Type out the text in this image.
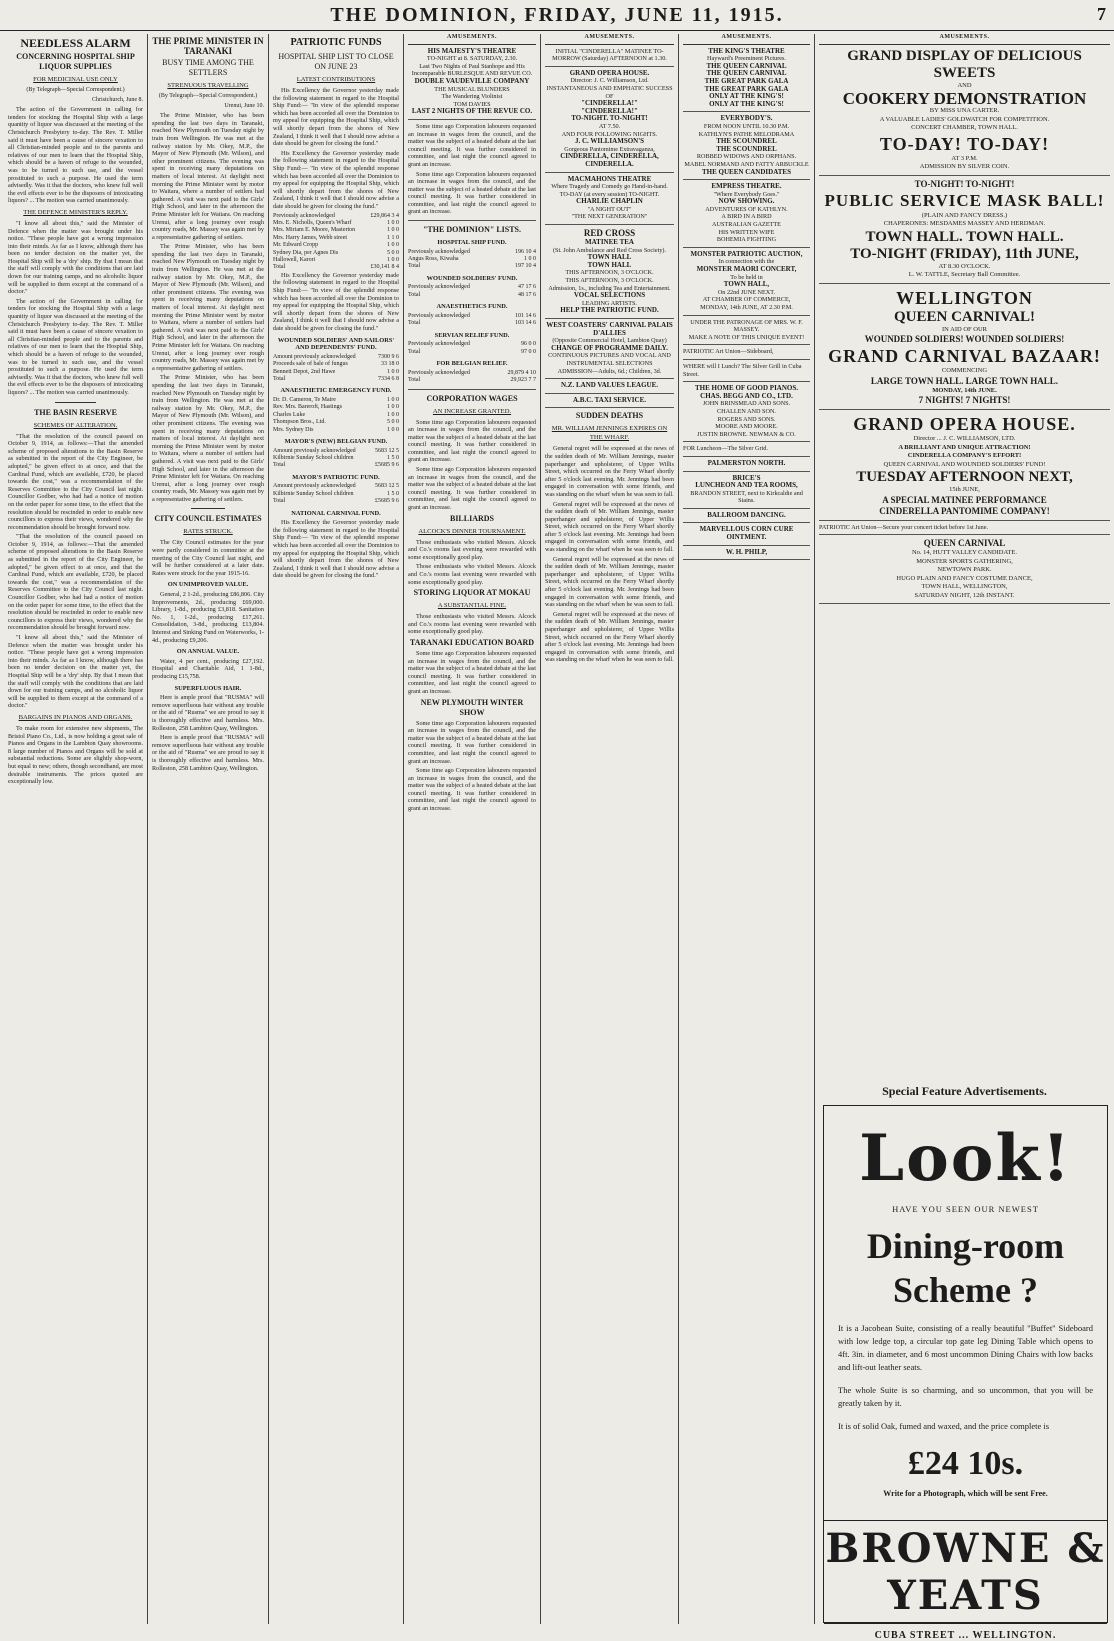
THE DOMINION, FRIDAY, JUNE 11, 1915.	7
NEEDLESS ALARM
CONCERNING HOSPITAL SHIP LIQUOR SUPPLIES
FOR MEDICINAL USE ONLY
(By Telegraph—Special Correspondent.)
Christchurch, June 8.

The action of the Government in calling for tenders for stocking the Hospital Ship with a large quantity of liquor was discussed at the meeting of the Christchurch Presbytery to-day. The Rev. T. Miller said it must have been a cause of sincere vexation to all Christian-minded people and to the parents and relatives of our men to learn that the Hospital Ship, which should be a haven of refuge to the wounded, was to be turned to such use, and the vessel prostituted to such a purpose. He used the term advisedly. Was it that the doctors, who knew full well the evil effects ever to be the disposers of intoxicating liquors? ... The motion was carried unanimously.

THE DEFENCE MINISTER'S REPLY.

"I know all about this," said the Minister of Defence when the matter was brought under his notice. "These people have got a wrong impression into their minds. As far as I know, although there has been no tender decision on the matter yet, the Hospital Ship will be a 'dry' ship. By that I mean that the staff will comply with the conditions that are laid down for our training camps, and no alcoholic liquor will be supplied to them except at the command of a doctor."

The action of the Government in calling for tenders for stocking the Hospital Ship with a large quantity of liquor was discussed at the meeting of the Christchurch Presbytery to-day. The Rev. T. Miller said it must have been a cause of sincere vexation to all Christian-minded people and to the parents and relatives of our men to learn that the Hospital Ship, which should be a haven of refuge to the wounded, was to be turned to such use, and the vessel prostituted to such a purpose. He used the term advisedly. Was it that the doctors, who knew full well the evil effects ever to be the disposers of intoxicating liquors? ... The motion was carried unanimously.

THE BASIN RESERVE
SCHEMES OF ALTERATION.

"That the resolution of the council passed on October 9, 1914, as follows:—That the amended scheme of proposed alterations to the Basin Reserve as submitted in the report of the City Engineer, be adopted," be given effect to at once, and that the Cardinal Fund, which are available, £720, be placed towards the cost," was a recommendation of the Reserves Committee to the City Council last night. Councillor Godber, who had had a notice of motion on the order paper for some time, to the effect that the resolution should be rescinded in order to enable new councillors to express their views, wondered why the recommendation should be brought forward now.

"That the resolution of the council passed on October 9, 1914, as follows:—That the amended scheme of proposed alterations to the Basin Reserve as submitted in the report of the City Engineer, be adopted," be given effect to at once, and that the Cardinal Fund, which are available, £720, be placed towards the cost," was a recommendation of the Reserves Committee to the City Council last night. Councillor Godber, who had had a notice of motion on the order paper for some time, to the effect that the resolution should be rescinded in order to enable new councillors to express their views, wondered why the recommendation should be brought forward now.

"I know all about this," said the Minister of Defence when the matter was brought under his notice. "These people have got a wrong impression into their minds. As far as I know, although there has been no tender decision on the matter yet, the Hospital Ship will be a 'dry' ship. By that I mean that the staff will comply with the conditions that are laid down for our training camps, and no alcoholic liquor will be supplied to them except at the command of a doctor."

BARGAINS IN PIANOS AND ORGANS.

To make room for extensive new shipments, The Bristol Piano Co., Ltd., is now holding a great sale of Pianos and Organs in the Lambton Quay showrooms. 8 large number of Pianos and Organs will be sold at substantial reductions. Some are slightly shop-worn, but equal to new; others, though secondhand, are most desirable instruments. The prices quoted are exceptionally low.

THE PRIME MINISTER IN TARANAKI
BUSY TIME AMONG THE SETTLERS
STRENUOUS TRAVELLING
(By Telegraph—Special Correspondent.)
Urenui, June 10.

The Prime Minister, who has been spending the last two days in Taranaki, reached New Plymouth on Tuesday night by train from Wellington. He was met at the railway station by Mr. Okey, M.P., the Mayor of New Plymouth (Mr. Wilson), and other prominent citizens. The evening was spent in receiving many deputations on matters of local interest. At daylight next morning the Prime Minister went by motor to Waitara, where a number of settlers had gathered. A visit was next paid to the Girls' High School, and later in the afternoon the Prime Minister left for Waitara. On reaching Urenui, after a long journey over rough country roads, Mr. Massey was again met by a representative gathering of settlers.

The Prime Minister, who has been spending the last two days in Taranaki, reached New Plymouth on Tuesday night by train from Wellington. He was met at the railway station by Mr. Okey, M.P., the Mayor of New Plymouth (Mr. Wilson), and other prominent citizens. The evening was spent in receiving many deputations on matters of local interest. At daylight next morning the Prime Minister went by motor to Waitara, where a number of settlers had gathered. A visit was next paid to the Girls' High School, and later in the afternoon the Prime Minister left for Waitara. On reaching Urenui, after a long journey over rough country roads, Mr. Massey was again met by a representative gathering of settlers.

The Prime Minister, who has been spending the last two days in Taranaki, reached New Plymouth on Tuesday night by train from Wellington. He was met at the railway station by Mr. Okey, M.P., the Mayor of New Plymouth (Mr. Wilson), and other prominent citizens. The evening was spent in receiving many deputations on matters of local interest. At daylight next morning the Prime Minister went by motor to Waitara, where a number of settlers had gathered. A visit was next paid to the Girls' High School, and later in the afternoon the Prime Minister left for Waitara. On reaching Urenui, after a long journey over rough country roads, Mr. Massey was again met by a representative gathering of settlers.

CITY COUNCIL ESTIMATES
RATES STRUCK.

The City Council estimates for the year were partly considered in committee at the meeting of the City Council last night, and will be further considered at a later date. Rates were struck for the year 1915-16.

ON UNIMPROVED VALUE.

General, 2 1-2d., producing £86,806. City Improvements, 2d., producing £69,000. Library, 1-8d., producing £3,818. Sanitation No. 1, 1-2d., producing £17,261. Consolidation, 3-8d., producing £13,804. Interest and Sinking Fund on Waterworks, 1-4d., producing £9,206.

ON ANNUAL VALUE.

Water, 4 per cent., producing £27,192. Hospital and Charitable Aid, 1 1-8d., producing £15,758.

SUPERFLUOUS HAIR.

Here is ample proof that "RUSMA" will remove superfluous hair without any trouble or the aid of "Rusma" we are proud to say it is thoroughly effective and harmless. Mrs. Rolleston, 258 Lambton Quay, Wellington.

Here is ample proof that "RUSMA" will remove superfluous hair without any trouble or the aid of "Rusma" we are proud to say it is thoroughly effective and harmless. Mrs. Rolleston, 258 Lambton Quay, Wellington.

PATRIOTIC FUNDS
HOSPITAL SHIP LIST TO CLOSE ON JUNE 23
LATEST CONTRIBUTIONS

His Excellency the Governor yesterday made the following statement in regard to the Hospital Ship Fund:— "In view of the splendid response which has been accorded all over the Dominion to my appeal for equipping the Hospital Ship, which will shortly depart from the shores of New Zealand, I think it well that I should now advise a date should be given for closing the fund."

His Excellency the Governor yesterday made the following statement in regard to the Hospital Ship Fund:— "In view of the splendid response which has been accorded all over the Dominion to my appeal for equipping the Hospital Ship, which will shortly depart from the shores of New Zealand, I think it well that I should now advise a date should be given for closing the fund."

Previously acknowledged	£29,864 3 4
Mrs. E. Nicholls, Queen's Wharf	1 0 0
Mrs. Miriam E. Moore, Masterton	1 0 0
Mrs. Harry James, Webb street	1 1 0
Mr. Edward Cropp	1 0 0
Sydney Dia, per Agnes Dis	5 0 0
Hallowell, Karori	1 0 0
Total	£30,141 8 4

His Excellency the Governor yesterday made the following statement in regard to the Hospital Ship Fund:— "In view of the splendid response which has been accorded all over the Dominion to my appeal for equipping the Hospital Ship, which will shortly depart from the shores of New Zealand, I think it well that I should now advise a date should be given for closing the fund."

WOUNDED SOLDIERS' AND SAILORS' AND DEPENDENTS' FUND.
Amount previously acknowledged	7300 9 6
Proceeds sale of bale of fungus	33 18 0
Bennett Depot, 2nd Hawe	1 0 0
Total	7334 6 8
ANAESTHETIC EMERGENCY FUND.
Dr. D. Cameron, Te Maire	1 0 0
Rev. Mrs. Bareroft, Hastings	1 0 0
Charles Luke	1 0 0
Thompson Bros., Ltd.	5 0 0
Mrs. Sydney Dis	1 0 0
MAYOR'S (NEW) BELGIAN FUND.
Amount previously acknowledged	5683 12 5
Kilbirnie Sunday School children	1 5 0
Total	£5685 9 6
MAYOR'S PATRIOTIC FUND.
Amount previously acknowledged	5683 12 5
Kilbirnie Sunday School children	1 5 0
Total	£5685 9 6
NATIONAL CARNIVAL FUND.

His Excellency the Governor yesterday made the following statement in regard to the Hospital Ship Fund:— "In view of the splendid response which has been accorded all over the Dominion to my appeal for equipping the Hospital Ship, which will shortly depart from the shores of New Zealand, I think it well that I should now advise a date should be given for closing the fund."

AMUSEMENTS.
HIS MAJESTY'S THEATRE
TO-NIGHT at 8. SATURDAY, 2.30.
Last Two Nights of Paul Stanhope and His Incomparable BURLESQUE AND REVUE CO.
DOUBLE VAUDEVILLE COMPANY
THE MUSICAL BLUNDERS
The Wandering Violinist
TOM DAVIES
LAST 2 NIGHTS OF THE REVUE CO.

Some time ago Corporation labourers requested an increase in wages from the council, and the matter was the subject of a heated debate at the last council meeting. It was further considered in committee, and last night the council agreed to grant an increase.

Some time ago Corporation labourers requested an increase in wages from the council, and the matter was the subject of a heated debate at the last council meeting. It was further considered in committee, and last night the council agreed to grant an increase.

"THE DOMINION" LISTS.
HOSPITAL SHIP FUND.
Previously acknowledged	196 10 4
Angus Ross, Kiwaha	1 0 0
Total	197 10 4
WOUNDED SOLDIERS' FUND.
Previously acknowledged	47 17 6
Total	48 17 6
ANAESTHETICS FUND.
Previously acknowledged	101 14 6
Total	103 14 6
SERVIAN RELIEF FUND.
Previously acknowledged	96 0 0
Total	97 0 0
FOR BELGIAN RELIEF.
Previously acknowledged	29,879 4 10
Total	29,923 7 7
CORPORATION WAGES
AN INCREASE GRANTED.

Some time ago Corporation labourers requested an increase in wages from the council, and the matter was the subject of a heated debate at the last council meeting. It was further considered in committee, and last night the council agreed to grant an increase.

Some time ago Corporation labourers requested an increase in wages from the council, and the matter was the subject of a heated debate at the last council meeting. It was further considered in committee, and last night the council agreed to grant an increase.

BILLIARDS
ALCOCK'S DINNER TOURNAMENT.

Those enthusiasts who visited Messrs. Alcock and Co.'s rooms last evening were rewarded with some exceptionally good play.

Those enthusiasts who visited Messrs. Alcock and Co.'s rooms last evening were rewarded with some exceptionally good play.

STORING LIQUOR AT MOKAU
A SUBSTANTIAL FINE.

Those enthusiasts who visited Messrs. Alcock and Co.'s rooms last evening were rewarded with some exceptionally good play.

TARANAKI EDUCATION BOARD

Some time ago Corporation labourers requested an increase in wages from the council, and the matter was the subject of a heated debate at the last council meeting. It was further considered in committee, and last night the council agreed to grant an increase.

NEW PLYMOUTH WINTER SHOW

Some time ago Corporation labourers requested an increase in wages from the council, and the matter was the subject of a heated debate at the last council meeting. It was further considered in committee, and last night the council agreed to grant an increase.

Some time ago Corporation labourers requested an increase in wages from the council, and the matter was the subject of a heated debate at the last council meeting. It was further considered in committee, and last night the council agreed to grant an increase.

AMUSEMENTS.
INITIAL "CINDERELLA" MATINEE TO-MORROW (Saturday) AFTERNOON at 1.30.
GRAND OPERA HOUSE.
Director: J. C. Williamson, Ltd.
INSTANTANEOUS AND EMPHATIC SUCCESS OF
"CINDERELLA!"
"CINDERELLA!"
TO-NIGHT. TO-NIGHT!
AT 7.50.
AND FOUR FOLLOWING NIGHTS.
J. C. WILLIAMSON'S
Gorgeous Pantomime Extravaganza,
CINDERELLA, CINDERELLA, CINDERELLA.
MACMAHONS THEATRE
Where Tragedy and Comedy go Hand-in-hand.
TO-DAY (at every session) TO-NIGHT.
CHARLIE CHAPLIN
"A NIGHT OUT"
"THE NEXT GENERATION"
RED CROSS
MATINEE TEA
(St. John Ambulance and Red Cross Society).
TOWN HALL
TOWN HALL
THIS AFTERNOON, 3 O'CLOCK.
THIS AFTERNOON, 3 O'CLOCK.
Admission, 1s., including Tea and Entertainment.
VOCAL SELECTIONS
LEADING ARTISTS.
HELP THE PATRIOTIC FUND.
WEST COASTERS' CARNIVAL PALAIS D'ALLIES
(Opposite Commercial Hotel, Lambton Quay)
CHANGE OF PROGRAMME DAILY.
CONTINUOUS PICTURES AND VOCAL AND INSTRUMENTAL SELECTIONS
ADMISSION—Adults, 6d.; Children, 3d.
N.Z. LAND VALUES LEAGUE.
A.B.C. TAXI SERVICE.
SUDDEN DEATHS
MR. WILLIAM JENNINGS EXPIRES ON THE WHARF.

General regret will be expressed at the news of the sudden death of Mr. William Jennings, master paperhanger and upholsterer, of Upper Willis Street, which occurred on the Ferry Wharf shortly after 5 o'clock last evening. Mr. Jennings had been engaged in conversation with some friends, and was standing on the wharf when he was seen to fall.

General regret will be expressed at the news of the sudden death of Mr. William Jennings, master paperhanger and upholsterer, of Upper Willis Street, which occurred on the Ferry Wharf shortly after 5 o'clock last evening. Mr. Jennings had been engaged in conversation with some friends, and was standing on the wharf when he was seen to fall.

General regret will be expressed at the news of the sudden death of Mr. William Jennings, master paperhanger and upholsterer, of Upper Willis Street, which occurred on the Ferry Wharf shortly after 5 o'clock last evening. Mr. Jennings had been engaged in conversation with some friends, and was standing on the wharf when he was seen to fall.

General regret will be expressed at the news of the sudden death of Mr. William Jennings, master paperhanger and upholsterer, of Upper Willis Street, which occurred on the Ferry Wharf shortly after 5 o'clock last evening. Mr. Jennings had been engaged in conversation with some friends, and was standing on the wharf when he was seen to fall.

AMUSEMENTS.
THE KING'S THEATRE
Hayward's Preeminent Pictures.
THE QUEEN CARNIVAL
THE QUEEN CARNIVAL
THE GREAT PARK GALA
THE GREAT PARK GALA
ONLY AT THE KING'S!
ONLY AT THE KING'S!
EVERYBODY'S.
FROM NOON UNTIL 10.30 P.M.
KATHLYN'S PATHE MELODRAMA
THE SCOUNDREL
THE SCOUNDREL
ROBBED WIDOWS AND ORPHANS.
MABEL NORMAND AND FATTY ARBUCKLE
THE QUEEN CANDIDATES
EMPRESS THEATRE.
"Where Everybody Goes."
NOW SHOWING.
ADVENTURES OF KATHLYN.
A BIRD IN A BIRD
AUSTRALIAN GAZETTE
HIS WRITTEN WIFE
BOHEMIA FIGHTING
MONSTER PATRIOTIC AUCTION,
In connection with the
MONSTER MAORI CONCERT,
To be held in
TOWN HALL,
On 22nd JUNE NEXT.
AT CHAMBER OF COMMERCE,
MONDAY, 14th JUNE, AT 2.30 P.M.
UNDER THE PATRONAGE OF MRS. W. F. MASSEY.
MAKE A NOTE OF THIS UNIQUE EVENT!
PATRIOTIC Art Union—Sideboard,
WHERE will I Lunch? The Silver Grill in Cuba Street.
THE HOME OF GOOD PIANOS.
CHAS. BEGG AND CO., LTD.
JOHN BRINSMEAD AND SONS.
CHALLEN AND SON.
ROGERS AND SONS.
MOORE AND MOORE.
JUSTIN BROWNE. NEWMAN & CO.
FOR Luncheon—The Silver Grid.
PALMERSTON NORTH.
BRICE'S
LUNCHEON AND TEA ROOMS,
BRANDON STREET, next to Kirkcaldie and Stains.
BALLROOM DANCING.
MARVELLOUS CORN CURE OINTMENT.
W. H. PHILP,
AMUSEMENTS.
GRAND DISPLAY OF DELICIOUS SWEETS
AND
COOKERY DEMONSTRATION
BY MISS UNA CARTER.
A VALUABLE LADIES' GOLDWATCH FOR COMPETITION.
CONCERT CHAMBER, TOWN HALL.
TO-DAY! TO-DAY!
AT 3 P.M.
ADMISSION BY SILVER COIN.
TO-NIGHT! TO-NIGHT!
PUBLIC SERVICE MASK BALL!
(PLAIN AND FANCY DRESS.)
CHAPERONES: MESDAMES MASSEY AND HERDMAN.
TOWN HALL. TOWN HALL.
TO-NIGHT (FRIDAY), 11th JUNE,
AT 8.30 O'CLOCK.
L. W. TATTLE, Secretary Ball Committee.
WELLINGTON
QUEEN CARNIVAL!
IN AID OF OUR
WOUNDED SOLDIERS! WOUNDED SOLDIERS!
GRAND CARNIVAL BAZAAR!
COMMENCING
LARGE TOWN HALL. LARGE TOWN HALL.
MONDAY, 14th JUNE.
7 NIGHTS! 7 NIGHTS!
GRAND OPERA HOUSE.
Director ... J. C. WILLIAMSON, LTD.
A BRILLIANT AND UNIQUE ATTRACTION!
CINDERELLA COMPANY'S EFFORT!
QUEEN CARNIVAL AND WOUNDED SOLDIERS' FUND!
TUESDAY AFTERNOON NEXT,
15th JUNE,
A SPECIAL MATINEE PERFORMANCE
CINDERELLA PANTOMIME COMPANY!
PATRIOTIC Art Union—Secure your concert ticket before 1st June.
QUEEN CARNIVAL
No. 14, HUTT VALLEY CANDIDATE.
MONSTER SPORTS GATHERING,
NEWTOWN PARK.
HUGO PLAIN AND FANCY COSTUME DANCE,
TOWN HALL, WELLINGTON,
SATURDAY NIGHT, 12th INSTANT.
Special Feature Advertisements.
Look!
HAVE YOU SEEN OUR NEWEST
Dining-room Scheme ?
It is a Jacobean Suite, consisting of a really beautiful "Buffet" Sideboard with low ledge top, a circular top gate leg Dining Table which opens to 4ft. 3in. in diameter, and 6 most uncommon Dining Chairs with low backs and lift-out leather seats.
The whole Suite is so charming, and so uncommon, that you will be greatly taken by it.
It is of solid Oak, fumed and waxed, and the price complete is
£24 10s.
Write for a Photograph, which will be sent Free.
BROWNE & YEATS
CUBA STREET ... WELLINGTON.
